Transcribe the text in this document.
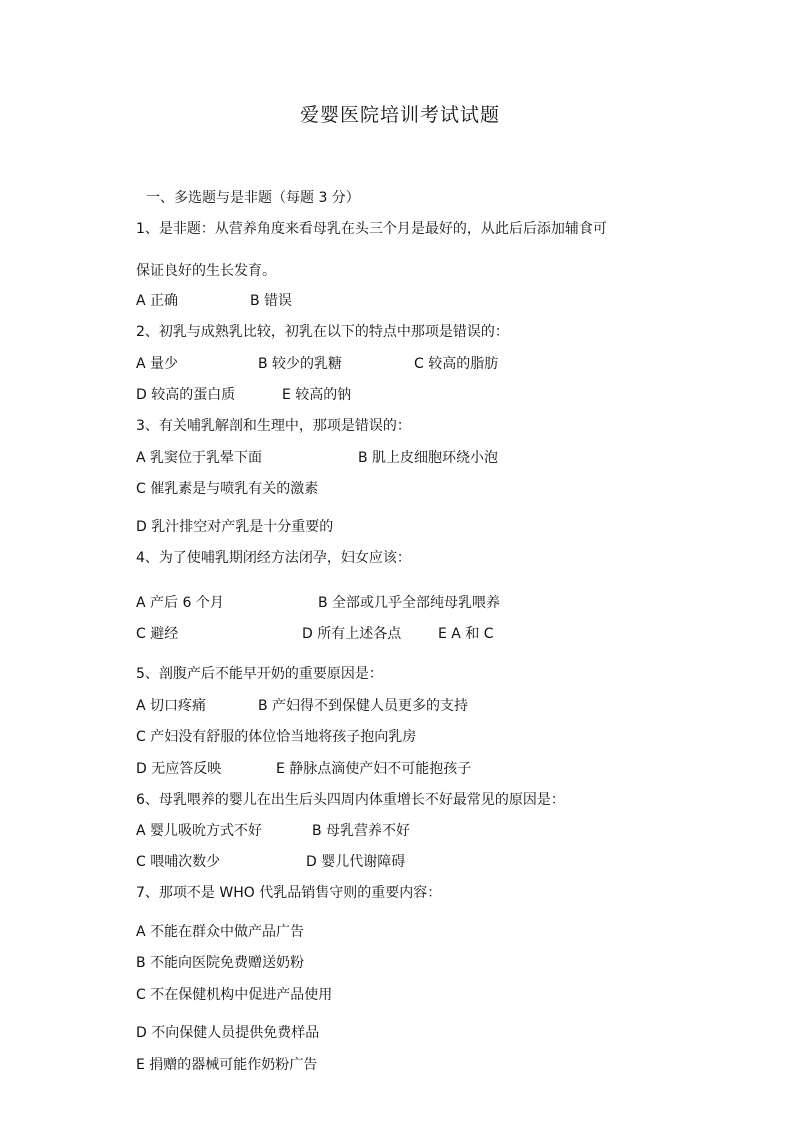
爱婴医院培训考试试题
一、多选题与是非题（每题 3 分）
1、是非题：从营养角度来看母乳在头三个月是最好的，从此后后添加辅食可
保证良好的生长发育。
A 正确	B 错误
2、初乳与成熟乳比较，初乳在以下的特点中那项是错误的：
A 量少	B 较少的乳糖	C 较高的脂肪
D 较高的蛋白质	E 较高的钠
3、有关哺乳解剖和生理中，那项是错误的：
A 乳窦位于乳晕下面	B 肌上皮细胞环绕小泡
C 催乳素是与喷乳有关的激素
D 乳汁排空对产乳是十分重要的
4、为了使哺乳期闭经方法闭孕，妇女应该：
A 产后 6 个月	B 全部或几乎全部纯母乳喂养
C 避经	D 所有上述各点	E A 和 C
5、剖腹产后不能早开奶的重要原因是：
A 切口疼痛	B 产妇得不到保健人员更多的支持
C 产妇没有舒服的体位恰当地将孩子抱向乳房
D 无应答反映	E 静脉点滴使产妇不可能抱孩子
6、母乳喂养的婴儿在出生后头四周内体重增长不好最常见的原因是：
A 婴儿吸吮方式不好	B 母乳营养不好
C 喂哺次数少	D 婴儿代谢障碍
7、那项不是 WHO 代乳品销售守则的重要内容：
A 不能在群众中做产品广告
B 不能向医院免费赠送奶粉
C 不在保健机构中促进产品使用
D 不向保健人员提供免费样品
E 捐赠的器械可能作奶粉广告
